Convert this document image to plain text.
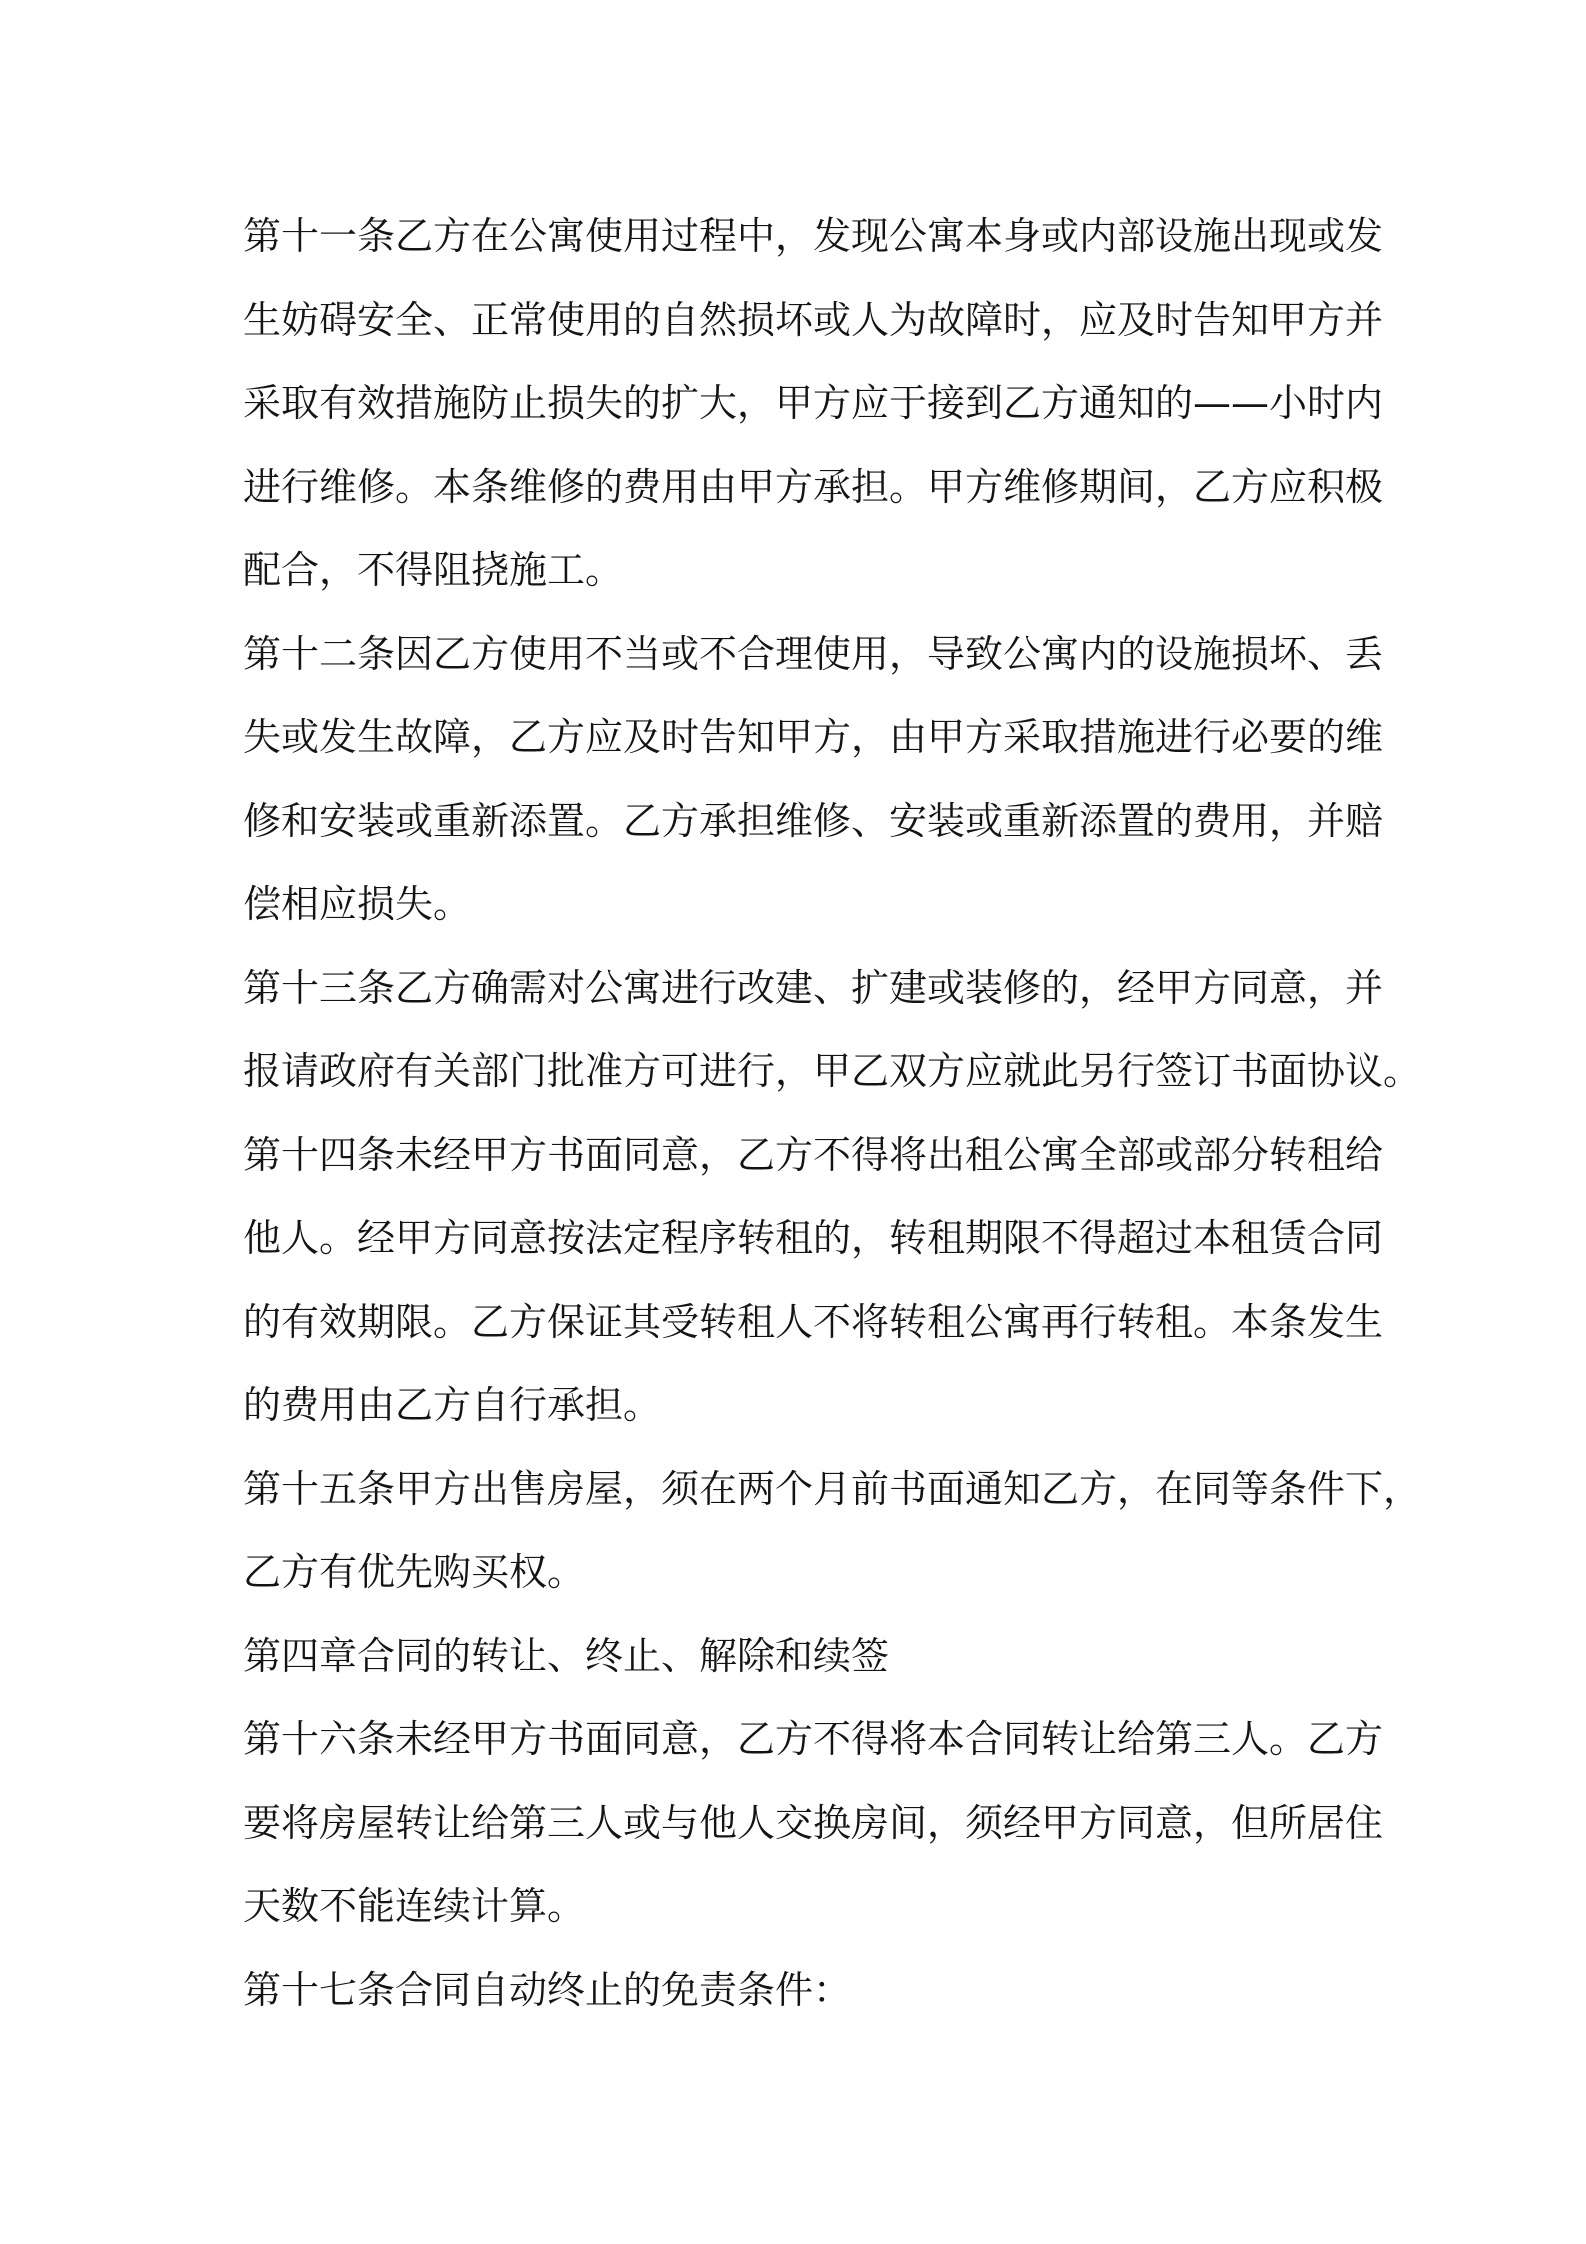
第十一条乙方在公寓使用过程中，发现公寓本身或内部设施出现或发

生妨碍安全、正常使用的自然损坏或人为故障时，应及时告知甲方并

采取有效措施防止损失的扩大，甲方应于接到乙方通知的——小时内

进行维修。本条维修的费用由甲方承担。甲方维修期间，乙方应积极

配合，不得阻挠施工。

第十二条因乙方使用不当或不合理使用，导致公寓内的设施损坏、丢

失或发生故障，乙方应及时告知甲方，由甲方采取措施进行必要的维

修和安装或重新添置。乙方承担维修、安装或重新添置的费用，并赔

偿相应损失。

第十三条乙方确需对公寓进行改建、扩建或装修的，经甲方同意，并

报请政府有关部门批准方可进行，甲乙双方应就此另行签订书面协议。

第十四条未经甲方书面同意，乙方不得将出租公寓全部或部分转租给

他人。经甲方同意按法定程序转租的，转租期限不得超过本租赁合同

的有效期限。乙方保证其受转租人不将转租公寓再行转租。本条发生

的费用由乙方自行承担。

第十五条甲方出售房屋，须在两个月前书面通知乙方，在同等条件下，

乙方有优先购买权。

第四章合同的转让、终止、解除和续签

第十六条未经甲方书面同意，乙方不得将本合同转让给第三人。乙方

要将房屋转让给第三人或与他人交换房间，须经甲方同意，但所居住

天数不能连续计算。

第十七条合同自动终止的免责条件：
